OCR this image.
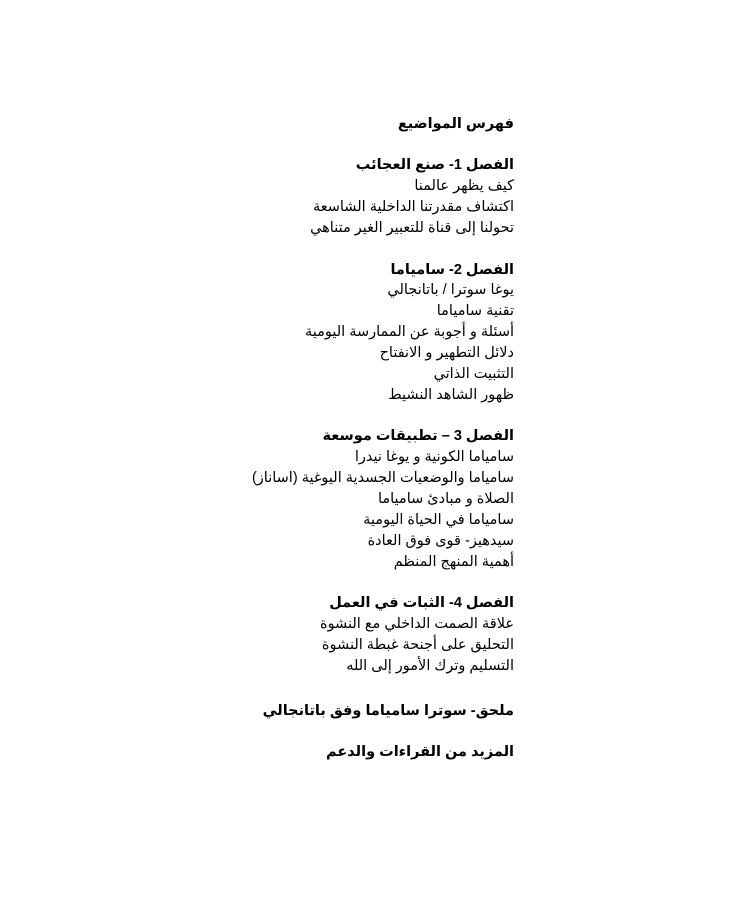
فهرس المواضيع
الفصل 1- صنع العجائب
كيف يظهر عالمنا
اكتشاف مقدرتنا الداخلية الشاسعة
تحولنا إلى قناة للتعبير الغير متناهي
الفصل 2- سامياما
يوغا سوترا / باتانجالي
تقنية سامياما
أسئلة و أجوبة عن الممارسة اليومية
دلائل التطهير و الانفتاح
التثبيت الذاتي
ظهور الشاهد النشيط
الفصل 3 – تطبيقات موسعة
سامياما الكونية و يوغا نيدرا
سامياما والوضعيات الجسدية اليوغية (اساناز)
الصلاة و مبادئ سامياما
سامياما في الحياة اليومية
سيدهيز- قوى فوق العادة
أهمية المنهج المنظم
الفصل 4- الثبات في العمل
علاقة الصمت الداخلي مع النشوة
التحليق على أجنحة غبطة النشوة
التسليم وترك الأمور إلى الله
ملحق- سوترا سامياما وفق باتانجالي
المزيد من القراءات والدعم
